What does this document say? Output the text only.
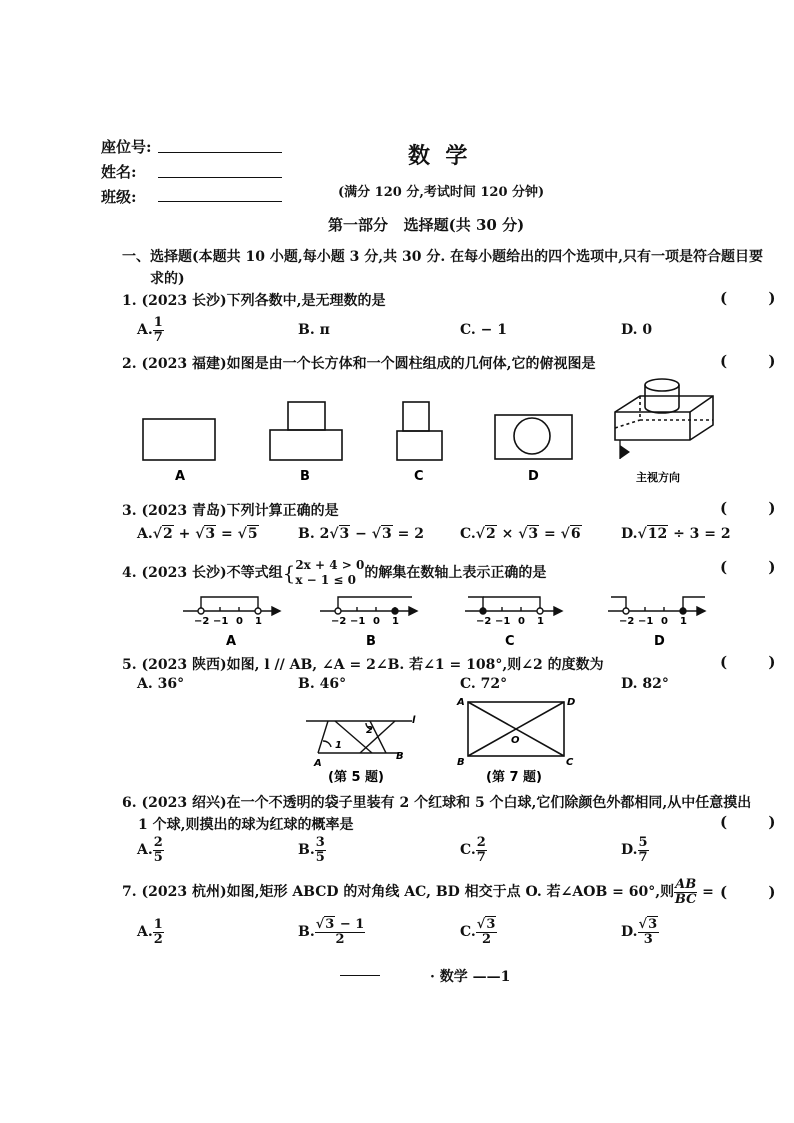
座位号:
姓名:
班级:
数  学
(满分 120 分,考试时间 120 分钟)
第一部分   选择题(共 30 分)
一、选择题(本题共 10 小题,每小题 3 分,共 30 分. 在每小题给出的四个选项中,只有一项是符合题目要
求的)
1. (2023 长沙)下列各数中,是无理数的是	( )
A. $\frac{1}{7}$	B. π	C. − 1	D. 0
2. (2023 福建)如图是由一个长方体和一个圆柱组成的几何体,它的俯视图是	( )
A	B	C	D	主视方向
3. (2023 青岛)下列计算正确的是	( )
A.√2 + √3 = √5	B. 2√3 − √3 = 2	C.√2 × √3 = √6	D.√12 ÷ 3 = 2
4. (2023 长沙)不等式组{ 2x + 4 > 0
x − 1 ≤ 0 的解集在数轴上表示正确的是	( )
−2 −1 0 1	−2 −1 0 1	−2 −1 0 1	−2 −1 0 1
A	B	C	D
5. (2023 陕西)如图, l // AB, ∠A = 2∠B. 若∠1 = 108°,则∠2 的度数为	( )
A. 36°	B. 46°	C. 72°	D. 82°
l
A
B
1
2
(第 5 题)
A	D
B	C
O
(第 7 题)
6. (2023 绍兴)在一个不透明的袋子里装有 2 个红球和 5 个白球,它们除颜色外都相同,从中任意摸出
1 个球,则摸出的球为红球的概率是	( )
A. $\frac{2}{5}$	B. $\frac{3}{5}$	C. $\frac{2}{7}$	D. $\frac{5}{7}$
7. (2023 杭州)如图,矩形 ABCD 的对角线 AC, BD 相交于点 O. 若∠AOB = 60°,则 $\frac{AB}{BC}$ = ( )
A. $\frac{1}{2}$	B. $\frac{√3 - 1}{2}$	C. $\frac{√3}{2}$	D. $\frac{√3}{3}$
· 数学 ——1
